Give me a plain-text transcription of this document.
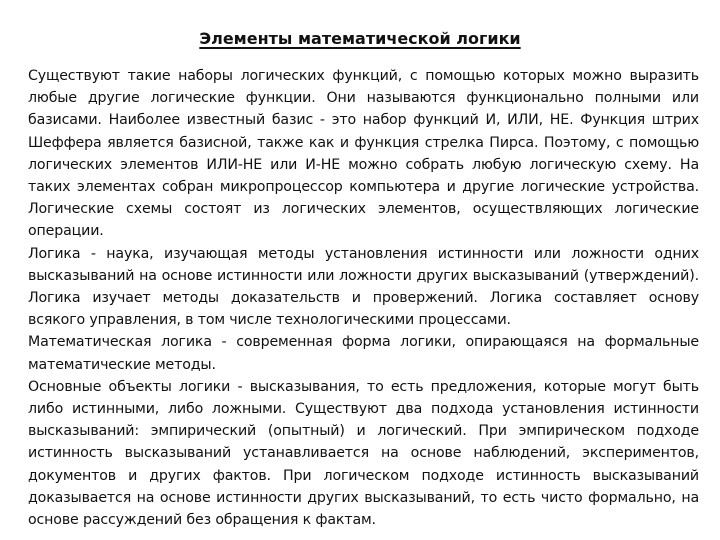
Элементы математической логики

Существуют такие наборы логических функций, с помощью которых можно выразить любые другие логические функции. Они называются функционально полными или базисами. Наиболее известный базис - это набор функций И, ИЛИ, НЕ. Функция штрих Шеффера является базисной, также как и функция стрелка Пирса. Поэтому, с помощью логических элементов ИЛИ-НЕ или И-НЕ можно собрать любую логическую схему. На таких элементах собран микропроцессор компьютера и другие логические устройства. Логические схемы состоят из логических элементов, осуществляющих логические операции.

Логика - наука, изучающая методы установления истинности или ложности одних высказываний на основе истинности или ложности других высказываний (утверждений). Логика изучает методы доказательств и провержений. Логика составляет основу всякого управления, в том числе технологическими процессами.

Математическая логика - современная форма логики, опирающаяся на формальные математические методы.

Основные объекты логики - высказывания, то есть предложения, которые могут быть либо истинными, либо ложными. Существуют два подхода установления истинности высказываний: эмпирический (опытный) и логический. При эмпирическом подходе истинность высказываний устанавливается на основе наблюдений, экспериментов, документов и других фактов. При логическом подходе истинность высказываний доказывается на основе истинности других высказываний, то есть чисто формально, на основе рассуждений без обращения к фактам.
